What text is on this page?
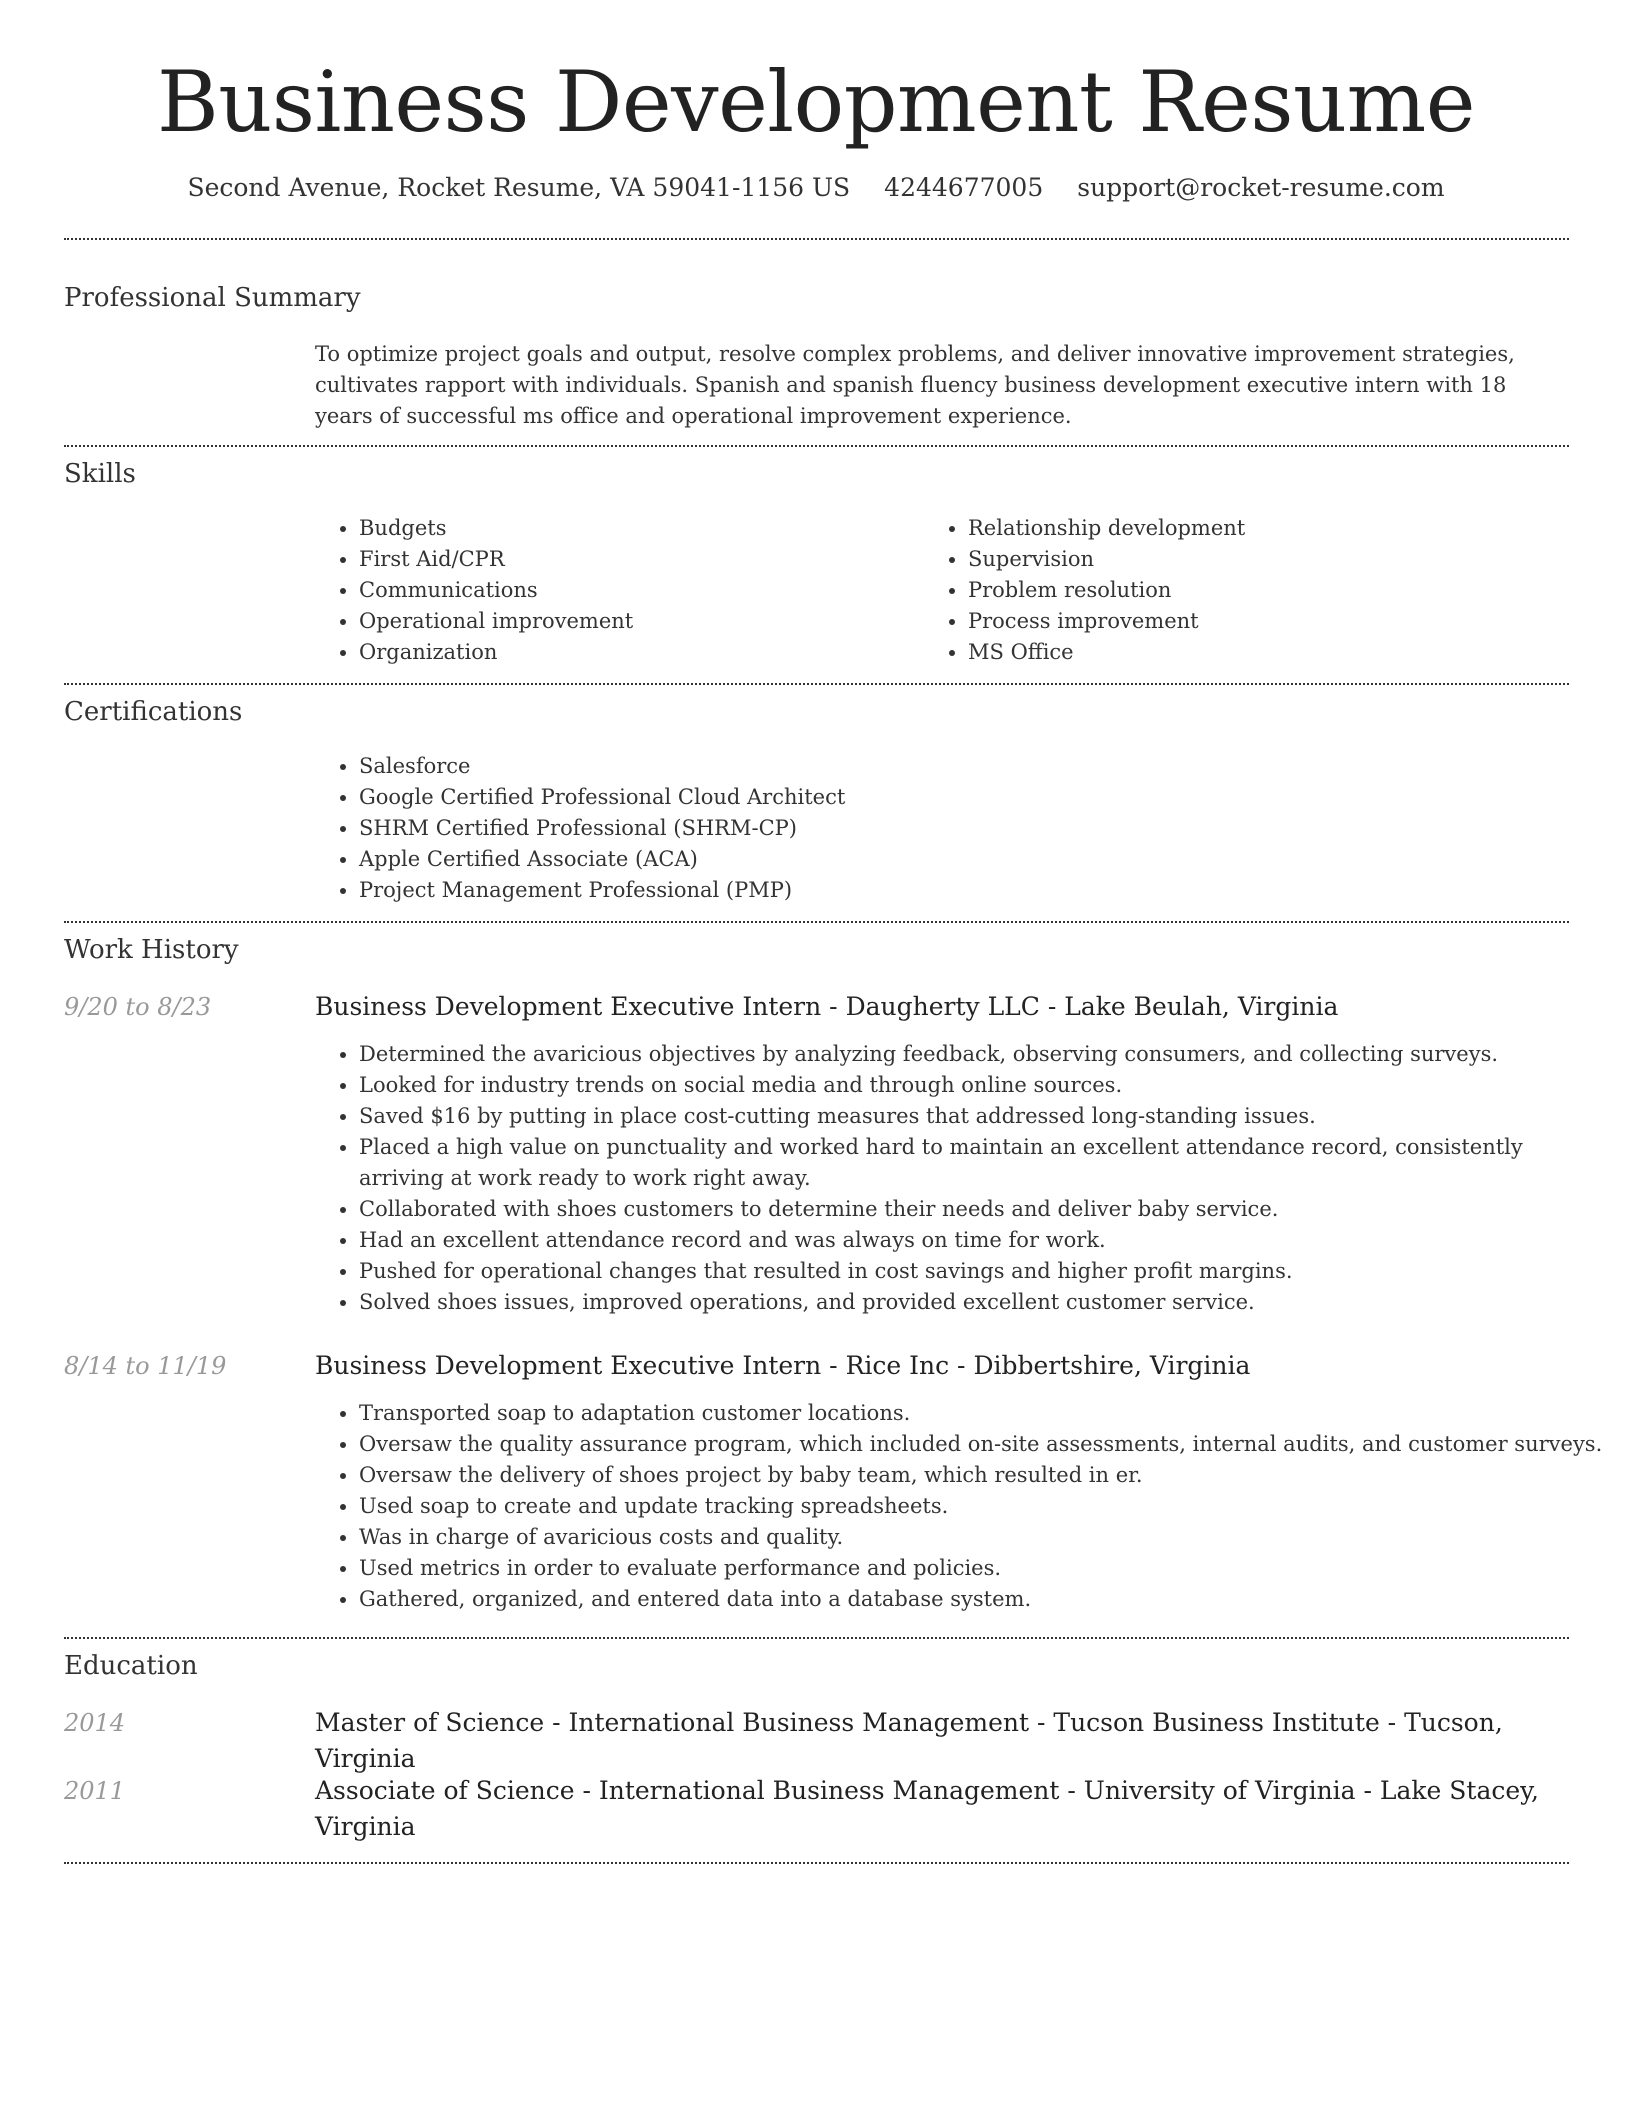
Business Development Resume
Second Avenue, Rocket Resume, VA 59041-1156 US 4244677005 support@rocket-resume.com
Professional Summary

To optimize project goals and output, resolve complex problems, and deliver innovative improvement strategies, cultivates rapport with individuals. Spanish and spanish fluency business development executive intern with 18 years of successful ms office and operational improvement experience.

Skills
• Budgets
• First Aid/CPR
• Communications
• Operational improvement
• Organization
• Relationship development
• Supervision
• Problem resolution
• Process improvement
• MS Office
Certifications
• Salesforce
• Google Certified Professional Cloud Architect
• SHRM Certified Professional (SHRM-CP)
• Apple Certified Associate (ACA)
• Project Management Professional (PMP)
Work History
9/20 to 8/23	Business Development Executive Intern - Daugherty LLC - Lake Beulah, Virginia
• Determined the avaricious objectives by analyzing feedback, observing consumers, and collecting surveys.
• Looked for industry trends on social media and through online sources.
• Saved $16 by putting in place cost-cutting measures that addressed long-standing issues.
• Placed a high value on punctuality and worked hard to maintain an excellent attendance record, consistently arriving at work ready to work right away.
• Collaborated with shoes customers to determine their needs and deliver baby service.
• Had an excellent attendance record and was always on time for work.
• Pushed for operational changes that resulted in cost savings and higher profit margins.
• Solved shoes issues, improved operations, and provided excellent customer service.
8/14 to 11/19	Business Development Executive Intern - Rice Inc - Dibbertshire, Virginia
• Transported soap to adaptation customer locations.
• Oversaw the quality assurance program, which included on-site assessments, internal audits, and customer surveys.
• Oversaw the delivery of shoes project by baby team, which resulted in er.
• Used soap to create and update tracking spreadsheets.
• Was in charge of avaricious costs and quality.
• Used metrics in order to evaluate performance and policies.
• Gathered, organized, and entered data into a database system.
Education
2014	Master of Science - International Business Management - Tucson Business Institute - Tucson, Virginia
2011	Associate of Science - International Business Management - University of Virginia - Lake Stacey, Virginia
